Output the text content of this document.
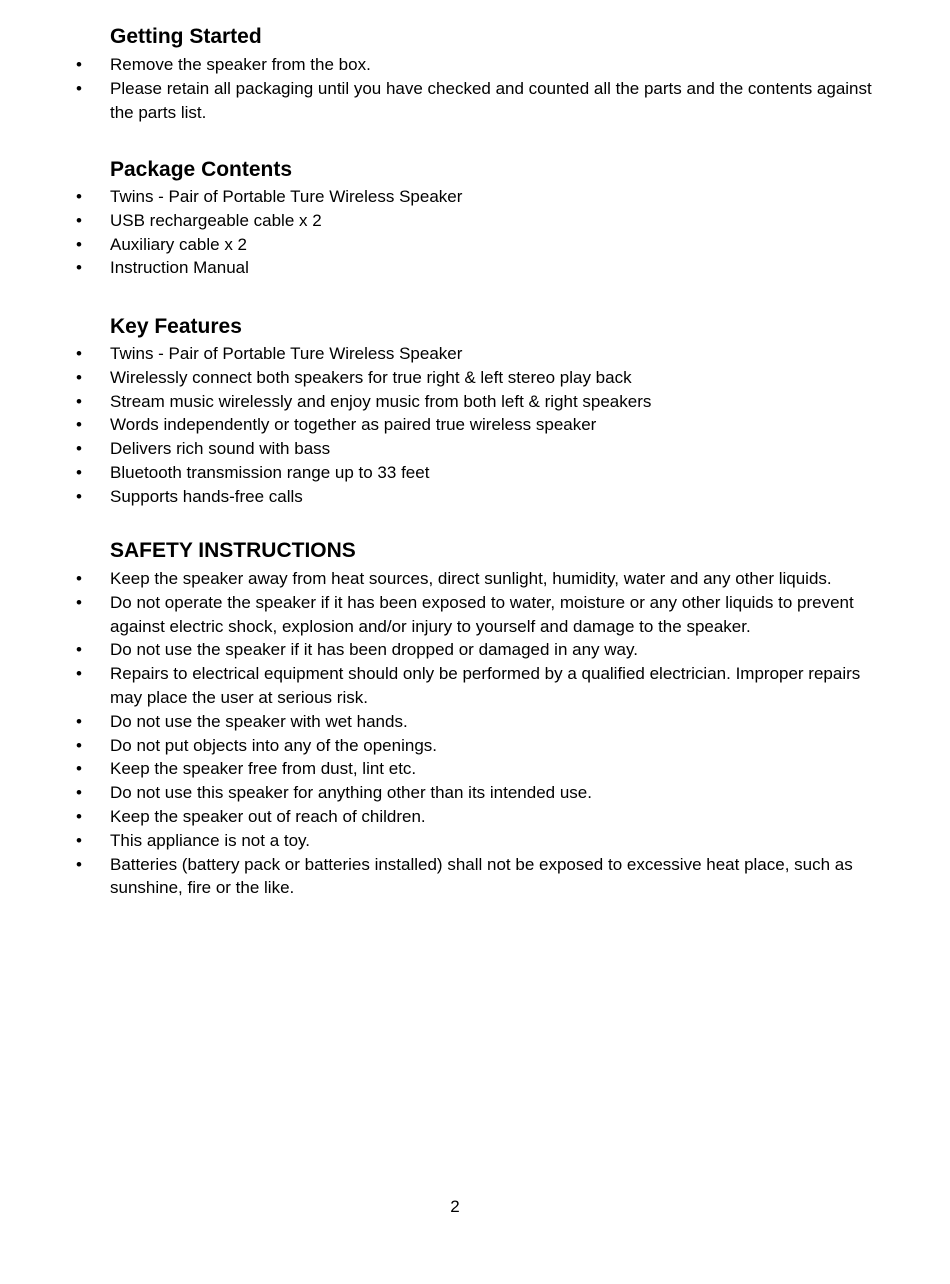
Getting Started
• Remove the speaker from the box.
• Please retain all packaging until you have checked and counted all the parts and the contents against the parts list.
Package Contents
• Twins - Pair of Portable Ture Wireless Speaker
• USB rechargeable cable x 2
• Auxiliary cable x 2
• Instruction Manual
Key Features
• Twins - Pair of Portable Ture Wireless Speaker
• Wirelessly connect both speakers for true right & left stereo play back
• Stream music wirelessly and enjoy music from both left & right speakers
• Words independently or together as paired true wireless speaker
• Delivers rich sound with bass
• Bluetooth transmission range up to 33 feet
• Supports hands-free calls
SAFETY INSTRUCTIONS
• Keep the speaker away from heat sources, direct sunlight, humidity, water and any other liquids.
• Do not operate the speaker if it has been exposed to water, moisture or any other liquids to prevent against electric shock, explosion and/or injury to yourself and damage to the speaker.
• Do not use the speaker if it has been dropped or damaged in any way.
• Repairs to electrical equipment should only be performed by a qualified electrician. Improper repairs may place the user at serious risk.
• Do not use the speaker with wet hands.
• Do not put objects into any of the openings.
• Keep the speaker free from dust, lint etc.
• Do not use this speaker for anything other than its intended use.
• Keep the speaker out of reach of children.
• This appliance is not a toy.
• Batteries (battery pack or batteries installed) shall not be exposed to excessive heat place, such as sunshine, fire or the like.
2
